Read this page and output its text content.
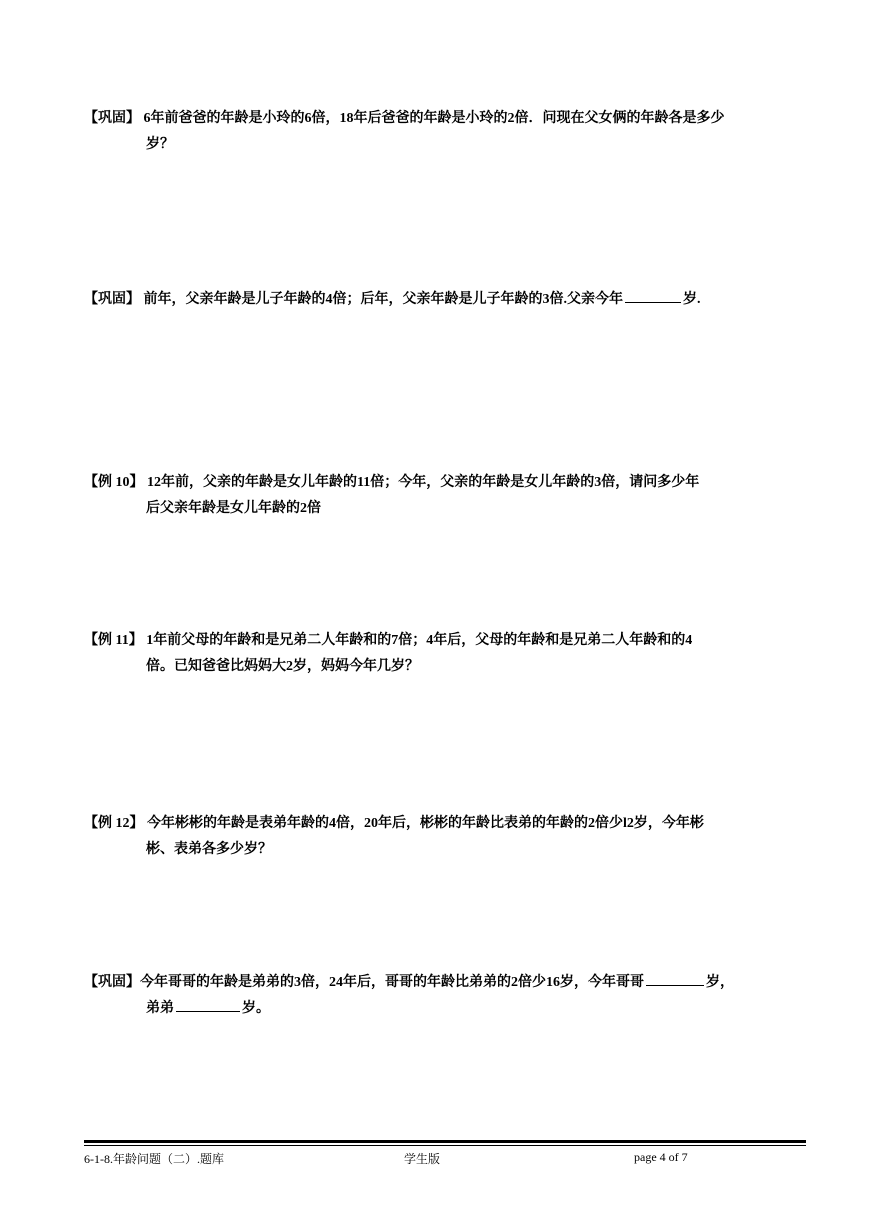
【巩固】 6年前爸爸的年龄是小玲的6倍，18年后爸爸的年龄是小玲的2倍．问现在父女俩的年龄各是多少
岁？
【巩固】 前年，父亲年龄是儿子年龄的4倍；后年，父亲年龄是儿子年龄的3倍.父亲今年	岁.
【例 10】 12年前，父亲的年龄是女儿年龄的11倍；今年，父亲的年龄是女儿年龄的3倍，请问多少年
后父亲年龄是女儿年龄的2倍
【例 11】 1年前父母的年龄和是兄弟二人年龄和的7倍；4年后，父母的年龄和是兄弟二人年龄和的4
倍。已知爸爸比妈妈大2岁，妈妈今年几岁？
【例 12】 今年彬彬的年龄是表弟年龄的4倍，20年后，彬彬的年龄比表弟的年龄的2倍少l2岁，今年彬
彬、表弟各多少岁？
【巩固】今年哥哥的年龄是弟弟的3倍，24年后，哥哥的年龄比弟弟的2倍少16岁，今年哥哥	岁，
弟弟	岁。
6-1-8.年龄问题（二）.题库	学生版	page 4 of 7
